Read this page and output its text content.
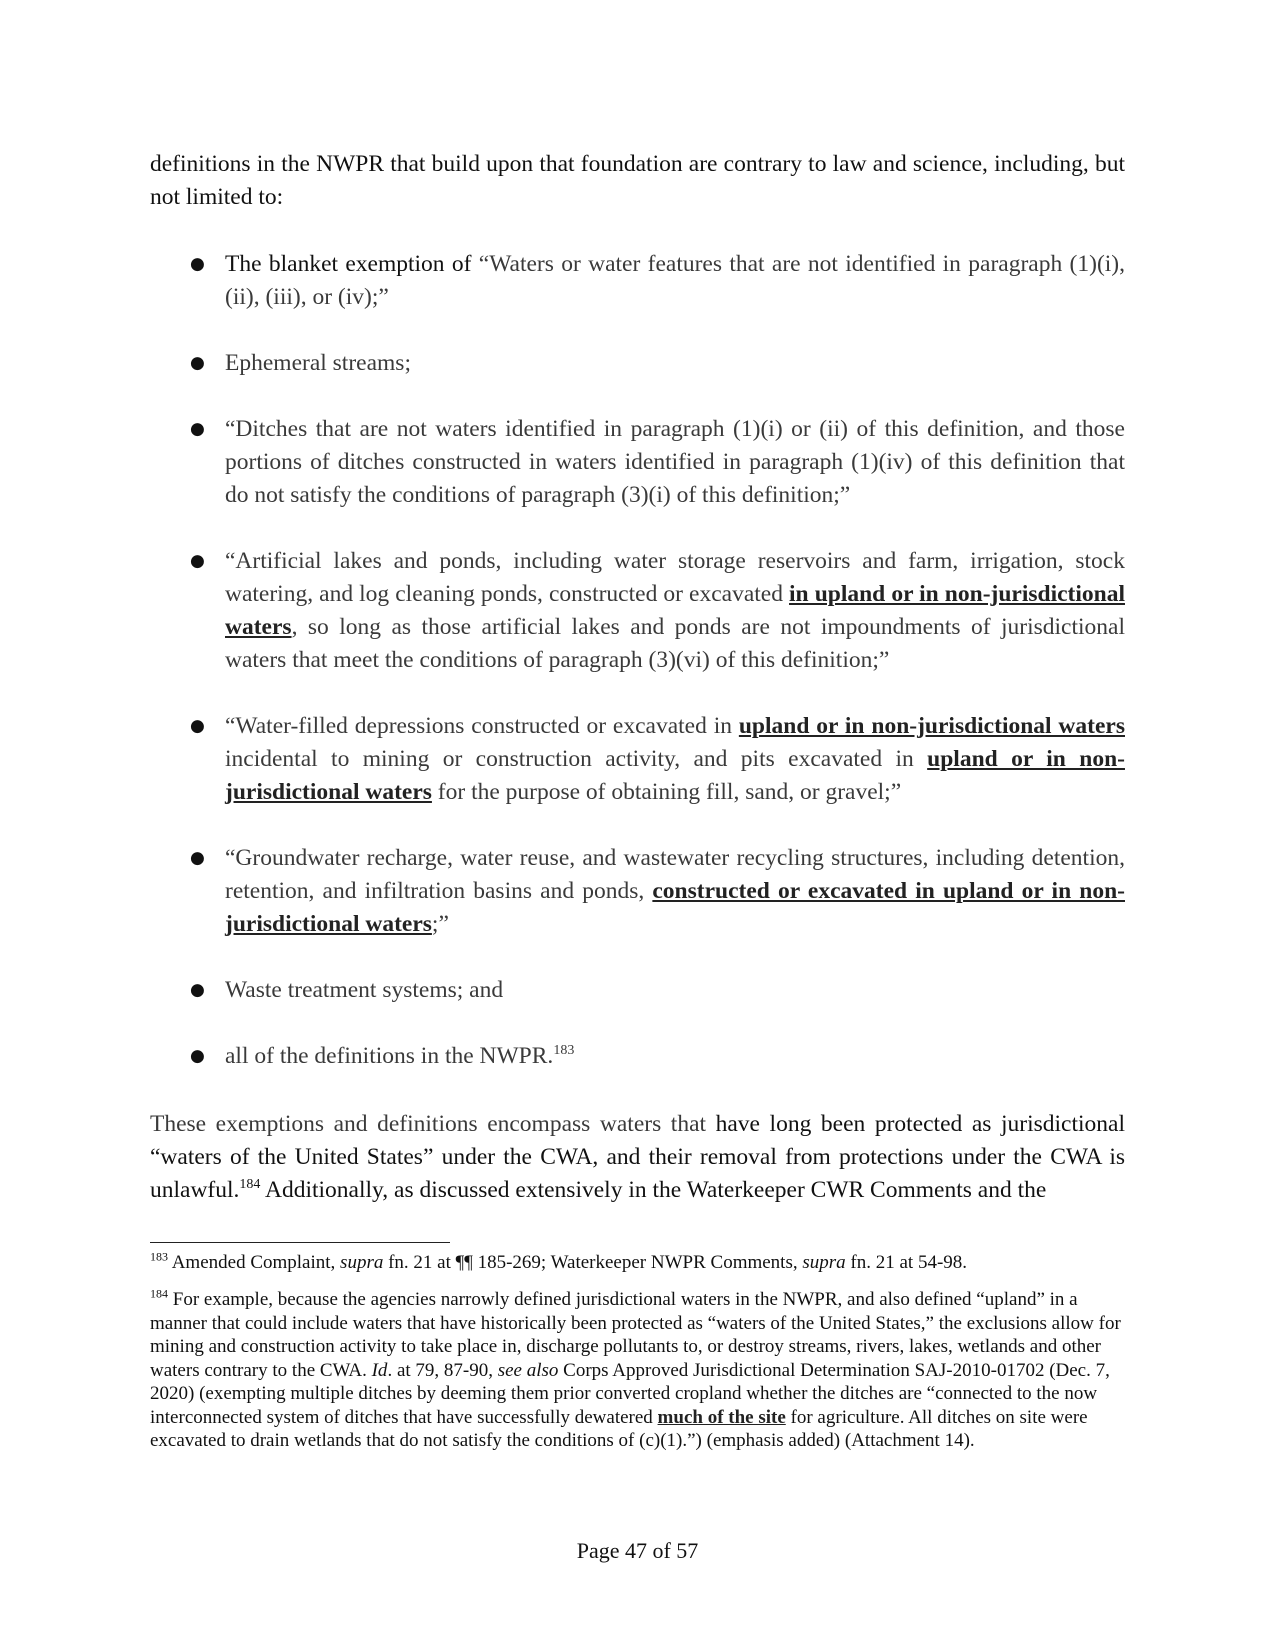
definitions in the NWPR that build upon that foundation are contrary to law and science, including, but not limited to:

● The blanket exemption of “Waters or water features that are not identified in paragraph (1)(i), (ii), (iii), or (iv);”
● Ephemeral streams;
● “Ditches that are not waters identified in paragraph (1)(i) or (ii) of this definition, and those portions of ditches constructed in waters identified in paragraph (1)(iv) of this definition that do not satisfy the conditions of paragraph (3)(i) of this definition;”
● “Artificial lakes and ponds, including water storage reservoirs and farm, irrigation, stock watering, and log cleaning ponds, constructed or excavated in upland or in non-jurisdictional waters, so long as those artificial lakes and ponds are not impoundments of jurisdictional waters that meet the conditions of paragraph (3)(vi) of this definition;”
● “Water-filled depressions constructed or excavated in upland or in non-jurisdictional waters incidental to mining or construction activity, and pits excavated in upland or in non-jurisdictional waters for the purpose of obtaining fill, sand, or gravel;”
● “Groundwater recharge, water reuse, and wastewater recycling structures, including detention, retention, and infiltration basins and ponds, constructed or excavated in upland or in non-jurisdictional waters;”
● Waste treatment systems; and
● all of the definitions in the NWPR.$^{183}$

These exemptions and definitions encompass waters that have long been protected as jurisdictional “waters of the United States” under the CWA, and their removal from protections under the CWA is unlawful.$^{184}$ Additionally, as discussed extensively in the Waterkeeper CWR Comments and the

$^{183}$ Amended Complaint, supra fn. 21 at ¶¶ 185-269; Waterkeeper NWPR Comments, supra fn. 21 at 54-98.

$^{184}$ For example, because the agencies narrowly defined jurisdictional waters in the NWPR, and also defined “upland” in a manner that could include waters that have historically been protected as “waters of the United States,” the exclusions allow for mining and construction activity to take place in, discharge pollutants to, or destroy streams, rivers, lakes, wetlands and other waters contrary to the CWA. Id. at 79, 87-90, see also Corps Approved Jurisdictional Determination SAJ-2010-01702 (Dec. 7, 2020) (exempting multiple ditches by deeming them prior converted cropland whether the ditches are “connected to the now interconnected system of ditches that have successfully dewatered much of the site for agriculture. All ditches on site were excavated to drain wetlands that do not satisfy the conditions of (c)(1).”) (emphasis added) (Attachment 14).

Page 47 of 57
